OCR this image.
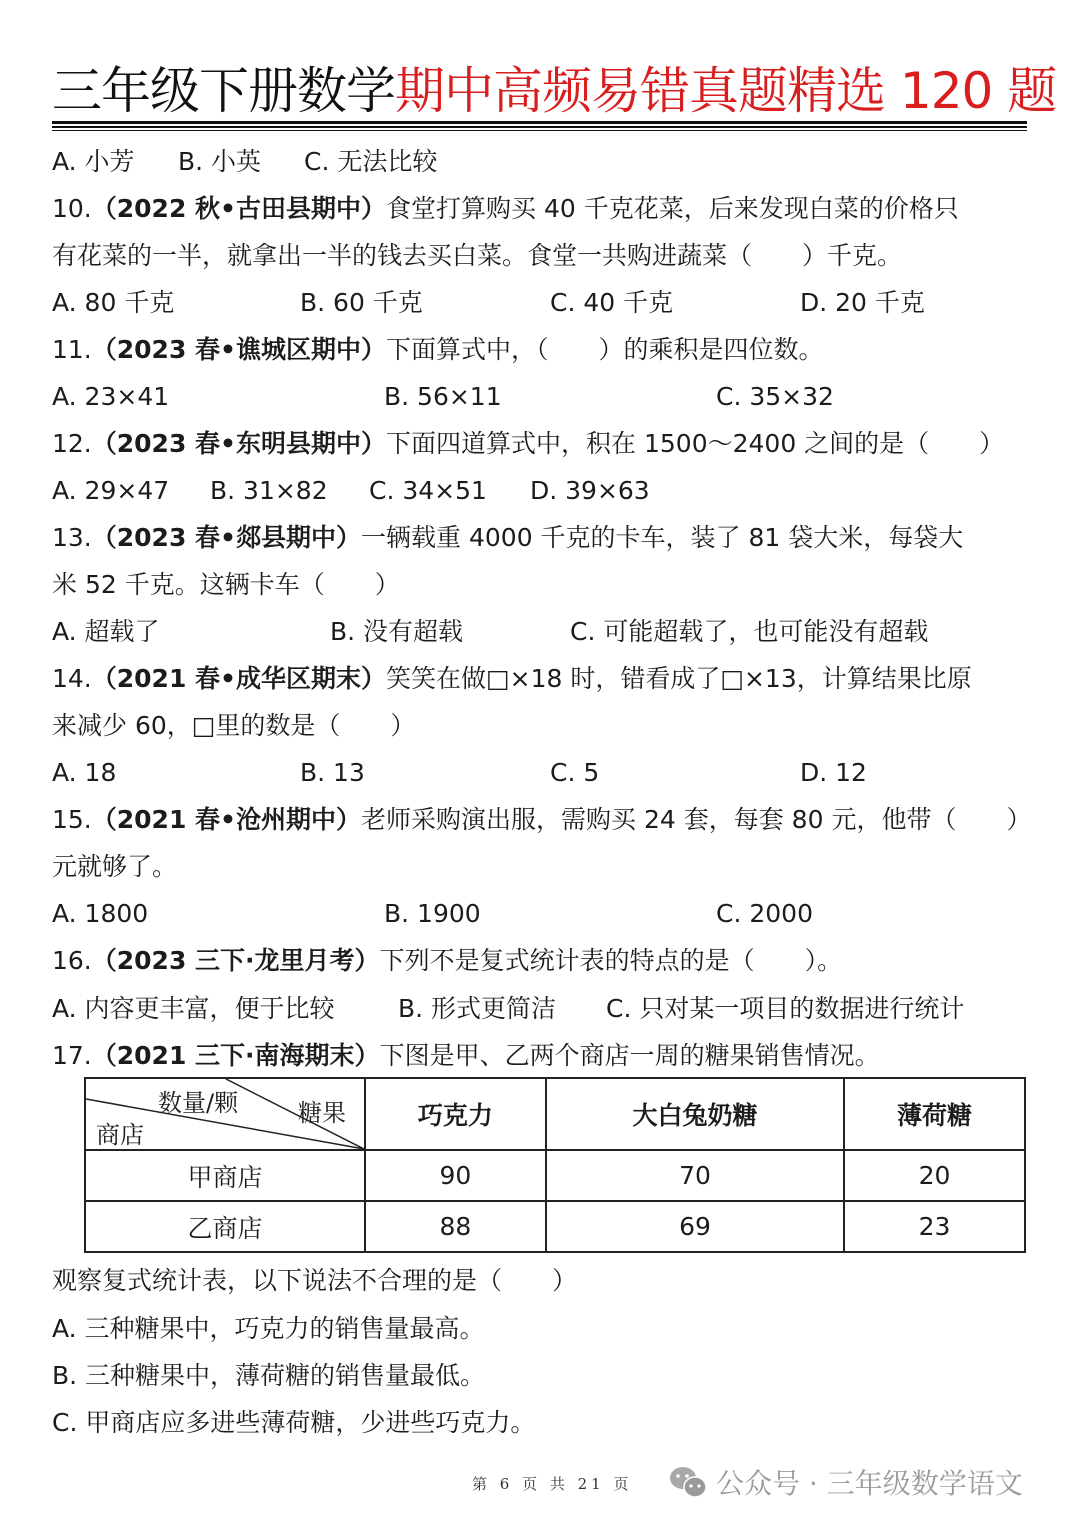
三年级下册数学期中高频易错真题精选 120 题
A. 小芳 B. 小英 C. 无法比较
10.（2022 秋•古田县期中）食堂打算购买 40 千克花菜，后来发现白菜的价格只
有花菜的一半，就拿出一半的钱去买白菜。食堂一共购进蔬菜（　　）千克。
A. 80 千克	B. 60 千克	C. 40 千克	D. 20 千克
11.（2023 春•谯城区期中）下面算式中，（　　）的乘积是四位数。
A. 23×41	B. 56×11	C. 35×32
12.（2023 春•东明县期中）下面四道算式中，积在 1500～2400 之间的是（　　）
A. 29×47 B. 31×82 C. 34×51 D. 39×63
13.（2023 春•郯县期中）一辆载重 4000 千克的卡车，装了 81 袋大米，每袋大
米 52 千克。这辆卡车（　　）
A. 超载了	B. 没有超载	C. 可能超载了，也可能没有超载
14.（2021 春•成华区期末）笑笑在做□×18 时，错看成了□×13，计算结果比原
来减少 60，□里的数是（　　）
A. 18	B. 13	C. 5	D. 12
15.（2021 春•沧州期中）老师采购演出服，需购买 24 套，每套 80 元，他带（　　）
元就够了。
A. 1800	B. 1900	C. 2000
16.（2023 三下·龙里月考）下列不是复式统计表的特点的是（　　）。
A. 内容更丰富，便于比较	B. 形式更简洁 C. 只对某一项目的数据进行统计
17.（2021 三下·南海期末）下图是甲、乙两个商店一周的糖果销售情况。
数量/颗 糖果
商店	巧克力	大白兔奶糖	薄荷糖
甲商店	90	70	20
乙商店	88	69	23
观察复式统计表，以下说法不合理的是（　　）
A. 三种糖果中，巧克力的销售量最高。
B. 三种糖果中，薄荷糖的销售量最低。
C. 甲商店应多进些薄荷糖，少进些巧克力。
第 6 页 共 21 页	公众号 · 三年级数学语文
